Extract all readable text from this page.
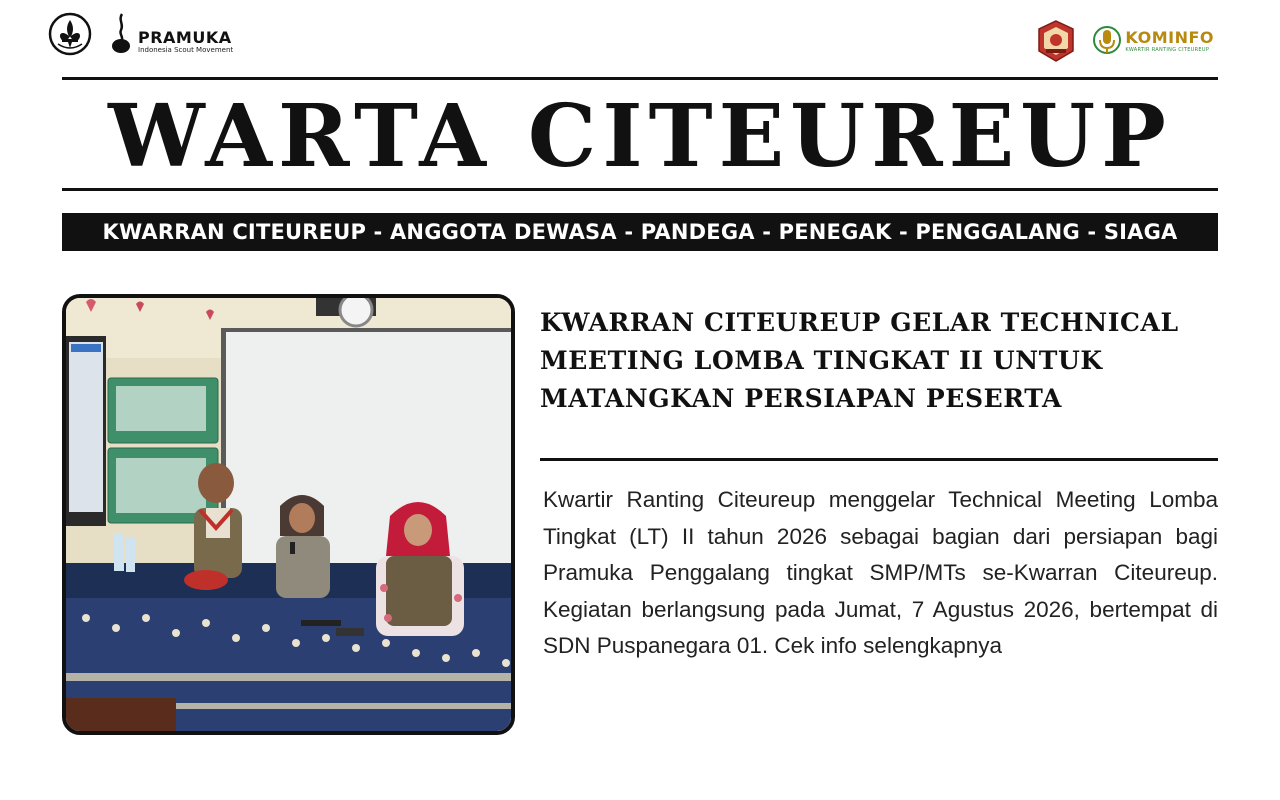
PRAMUKA
Indonesia Scout Movement
KOMINFO
KWARTIR RANTING CITEUREUP
WARTA CITEUREUP
KWARRAN CITEUREUP - ANGGOTA DEWASA - PANDEGA - PENEGAK - PENGGALANG - SIAGA
KWARRAN CITEUREUP GELAR TECHNICAL
MEETING LOMBA TINGKAT II UNTUK
MATANGKAN PERSIAPAN PESERTA

Kwartir Ranting Citeureup menggelar Technical Meeting Lomba Tingkat (LT) II tahun 2026 sebagai bagian dari persiapan bagi Pramuka Penggalang tingkat SMP/MTs se-Kwarran Citeureup. Kegiatan berlangsung pada Jumat, 7 Agustus 2026, bertempat di SDN Puspanegara 01. Cek info selengkapnya
